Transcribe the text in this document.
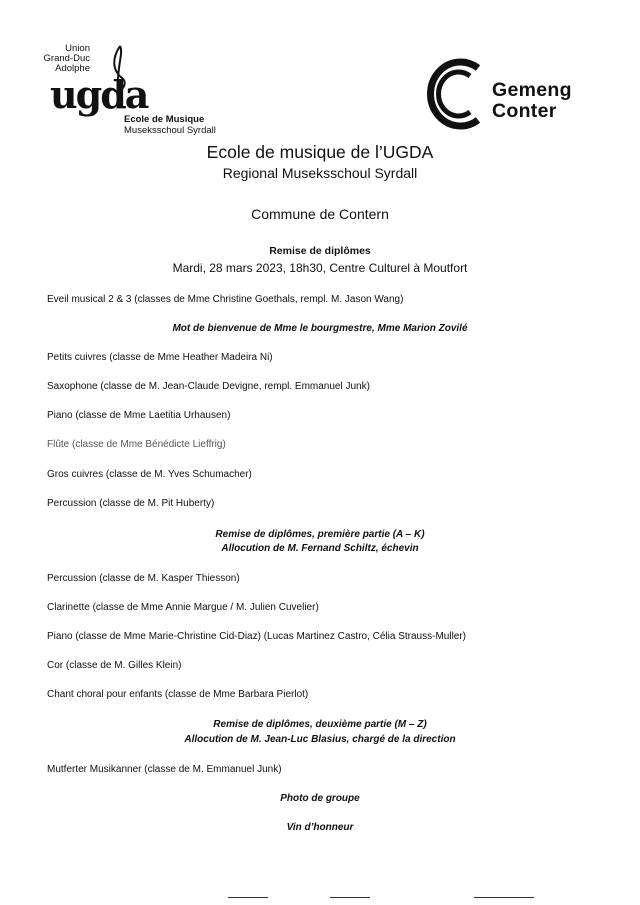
Union
Grand-Duc
Adolphe
ugda
Ecole de Musique
Museksschoul Syrdall
Gemeng
Conter
Ecole de musique de l’UGDA
Regional Museksschoul Syrdall
Commune de Contern
Remise de diplômes
Mardi, 28 mars 2023, 18h30, Centre Culturel à Moutfort
Eveil musical 2 & 3 (classes de Mme Christine Goethals, rempl. M. Jason Wang)
Mot de bienvenue de Mme le bourgmestre, Mme Marion Zovilé
Petits cuivres (classe de Mme Heather Madeira Ni)
Saxophone (classe de M. Jean-Claude Devigne, rempl. Emmanuel Junk)
Piano (classe de Mme Laetitia Urhausen)
Flûte (classe de Mme Bénédicte Lieffrig)
Gros cuivres (classe de M. Yves Schumacher)
Percussion (classe de M. Pit Huberty)
Remise de diplômes, première partie (A – K)
Allocution de M. Fernand Schiltz, échevin
Percussion (classe de M. Kasper Thiesson)
Clarinette (classe de Mme Annie Margue / M. Julien Cuvelier)
Piano (classe de Mme Marie-Christine Cid-Diaz) (Lucas Martinez Castro, Célia Strauss-Muller)
Cor (classe de M. Gilles Klein)
Chant choral pour enfants (classe de Mme Barbara Pierlot)
Remise de diplômes, deuxième partie (M – Z)
Allocution de M. Jean-Luc Blasius, chargé de la direction
Mutferter Musikanner (classe de M. Emmanuel Junk)
Photo de groupe
Vin d’honneur
